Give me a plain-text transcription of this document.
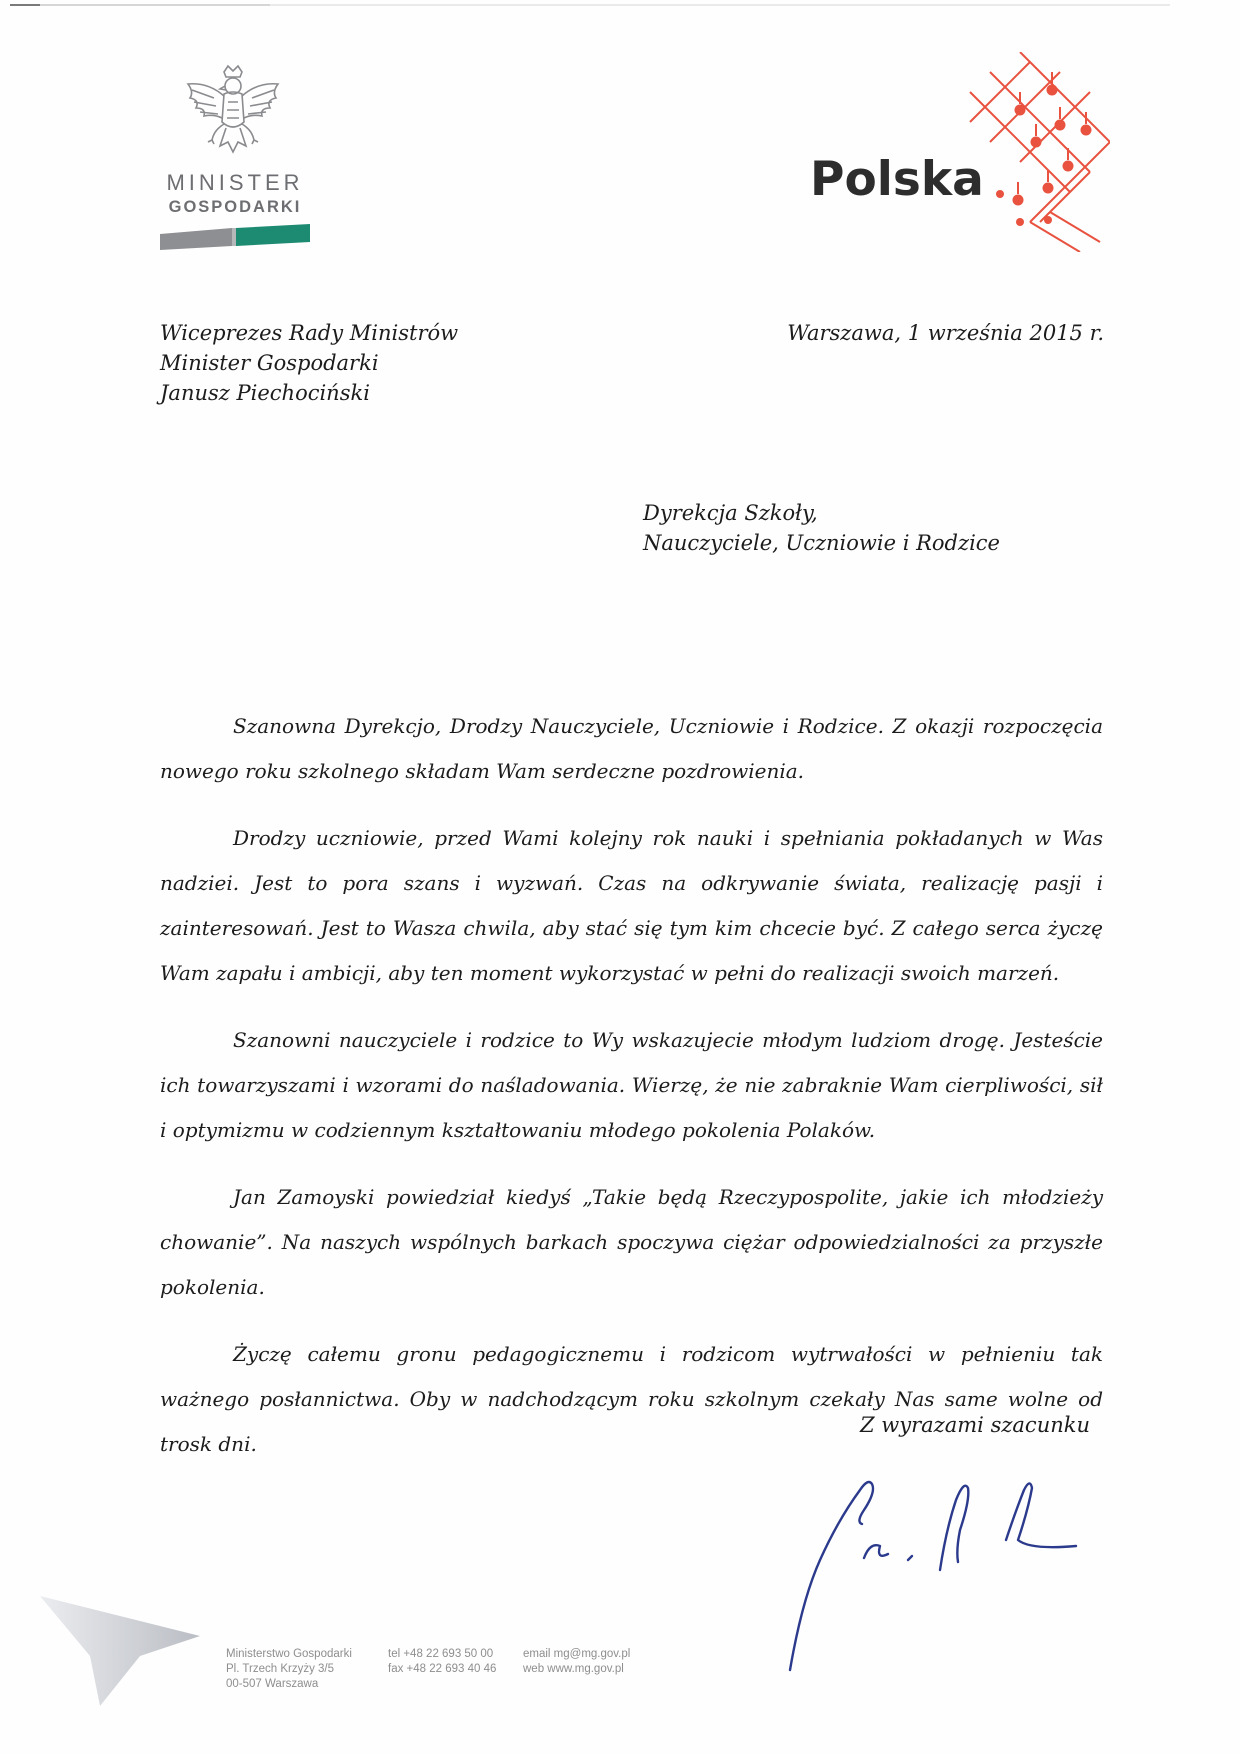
MINISTER
GOSPODARKI	Polska
Wiceprezes Rady Ministrów
Minister Gospodarki
Janusz Piechociński
Warszawa, 1 września 2015 r.
Dyrekcja Szkoły,
Nauczyciele, Uczniowie i Rodzice

Szanowna Dyrekcjo, Drodzy Nauczyciele, Uczniowie i Rodzice. Z okazji rozpoczęcia nowego roku szkolnego składam Wam serdeczne pozdrowienia.

Drodzy uczniowie, przed Wami kolejny rok nauki i spełniania pokładanych w Was nadziei. Jest to pora szans i wyzwań. Czas na odkrywanie świata, realizację pasji i zainteresowań. Jest to Wasza chwila, aby stać się tym kim chcecie być. Z całego serca życzę Wam zapału i ambicji, aby ten moment wykorzystać w pełni do realizacji swoich marzeń.

Szanowni nauczyciele i rodzice to Wy wskazujecie młodym ludziom drogę. Jesteście ich towarzyszami i wzorami do naśladowania. Wierzę, że nie zabraknie Wam cierpliwości, sił i optymizmu w codziennym kształtowaniu młodego pokolenia Polaków.

Jan Zamoyski powiedział kiedyś „Takie będą Rzeczypospolite, jakie ich młodzieży chowanie”. Na naszych wspólnych barkach spoczywa ciężar odpowiedzialności za przyszłe pokolenia.

Życzę całemu gronu pedagogicznemu i rodzicom wytrwałości w pełnieniu tak ważnego posłannictwa. Oby w nadchodzącym roku szkolnym czekały Nas same wolne od trosk dni.

Z wyrazami szacunku
Ministerstwo Gospodarki
Pl. Trzech Krzyży 3/5
00-507 Warszawa
tel +48 22 693 50 00
fax +48 22 693 40 46
email mg@mg.gov.pl
web www.mg.gov.pl
